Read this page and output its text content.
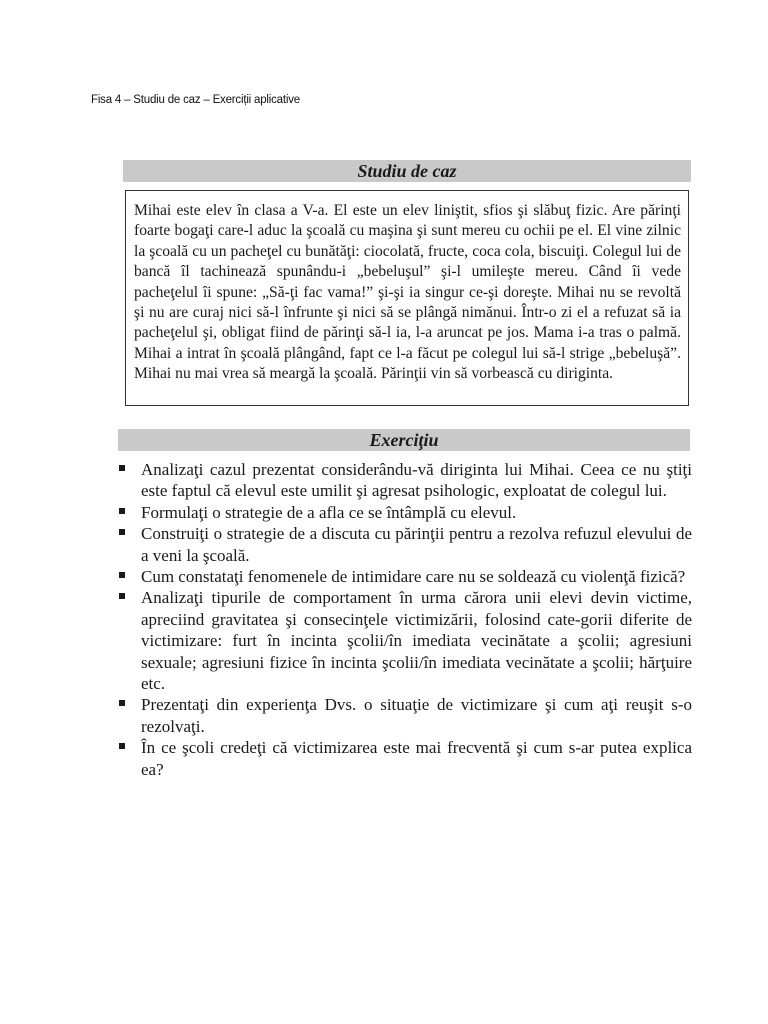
Fisa 4 – Studiu de caz – Exerciții aplicative
Studiu de caz
Mihai este elev în clasa a V-a. El este un elev liniştit, sfios şi slăbuţ fizic. Are părinţi foarte bogaţi care-l aduc la şcoală cu maşina şi sunt mereu cu ochii pe el. El vine zilnic la şcoală cu un pacheţel cu bunătăţi: ciocolată, fructe, coca cola, biscuiţi. Colegul lui de bancă îl tachinează spunându-i „bebeluşul” şi-l umileşte mereu. Când îi vede pacheţelul îi spune: „Să-ţi fac vama!” şi-şi ia singur ce-şi doreşte. Mihai nu se revoltă şi nu are curaj nici să-l înfrunte şi nici să se plângă nimănui. Într-o zi el a refuzat să ia pacheţelul şi, obligat fiind de părinţi să-l ia, l-a aruncat pe jos. Mama i-a tras o palmă. Mihai a intrat în şcoală plângând, fapt ce l-a făcut pe colegul lui să-l strige „bebeluşă”. Mihai nu mai vrea să meargă la şcoală. Părinţii vin să vorbească cu diriginta.
Exerciţiu
Analizaţi cazul prezentat considerându-vă diriginta lui Mihai. Ceea ce nu ştiţi este faptul că elevul este umilit şi agresat psihologic, exploatat de colegul lui.
Formulaţi o strategie de a afla ce se întâmplă cu elevul.
Construiţi o strategie de a discuta cu părinţii pentru a rezolva refuzul elevului de a veni la şcoală.
Cum constataţi fenomenele de intimidare care nu se soldează cu violenţă fizică?
Analizaţi tipurile de comportament în urma cărora unii elevi devin victime, apreciind gravitatea şi consecinţele victimizării, folosind cate-gorii diferite de victimizare: furt în incinta şcolii/în imediata vecinătate a şcolii; agresiuni sexuale; agresiuni fizice în incinta şcolii/în imediata vecinătate a şcolii; hărţuire etc.
Prezentaţi din experienţa Dvs. o situaţie de victimizare şi cum aţi reuşit s-o rezolvaţi.
În ce şcoli credeţi că victimizarea este mai frecventă şi cum s-ar putea explica ea?
